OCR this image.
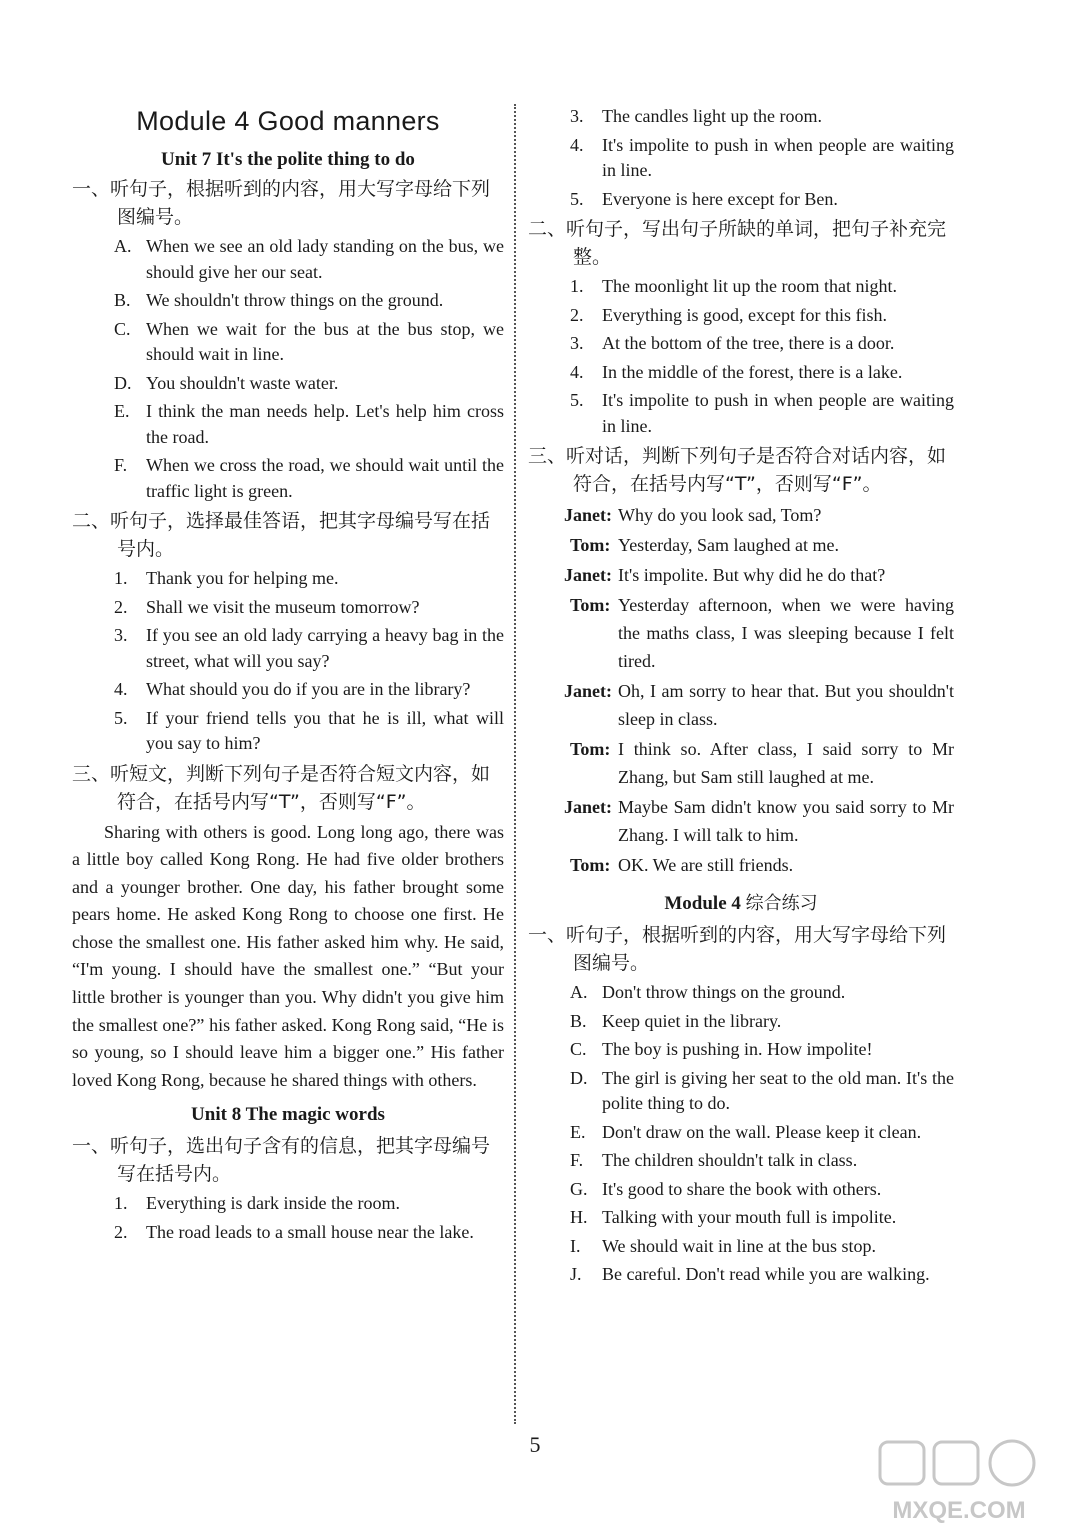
Module 4 Good manners
Unit 7 It's the polite thing to do
一、听句子，根据听到的内容，用大写字母给下列图编号。
A. When we see an old lady standing on the bus, we should give her our seat.
B. We shouldn't throw things on the ground.
C. When we wait for the bus at the bus stop, we should wait in line.
D. You shouldn't waste water.
E. I think the man needs help. Let's help him cross the road.
F. When we cross the road, we should wait until the traffic light is green.
二、听句子，选择最佳答语，把其字母编号写在括号内。
1. Thank you for helping me.
2. Shall we visit the museum tomorrow?
3. If you see an old lady carrying a heavy bag in the street, what will you say?
4. What should you do if you are in the library?
5. If your friend tells you that he is ill, what will you say to him?
三、听短文，判断下列句子是否符合短文内容，如符合，在括号内写“T”，否则写“F”。

Sharing with others is good. Long long ago, there was a little boy called Kong Rong. He had five older brothers and a younger brother. One day, his father brought some pears home. He asked Kong Rong to choose one first. He chose the smallest one. His father asked him why. He said, “I'm young. I should have the smallest one.” “But your little brother is younger than you. Why didn't you give him the smallest one?” his father asked. Kong Rong said, “He is so young, so I should leave him a bigger one.” His father loved Kong Rong, because he shared things with others.

Unit 8 The magic words
一、听句子，选出句子含有的信息，把其字母编号写在括号内。
1. Everything is dark inside the room.
2. The road leads to a small house near the lake.
3. The candles light up the room.
4. It's impolite to push in when people are waiting in line.
5. Everyone is here except for Ben.
二、听句子，写出句子所缺的单词，把句子补充完整。
1. The moonlight lit up the room that night.
2. Everything is good, except for this fish.
3. At the bottom of the tree, there is a door.
4. In the middle of the forest, there is a lake.
5. It's impolite to push in when people are waiting in line.
三、听对话，判断下列句子是否符合对话内容，如符合，在括号内写“T”，否则写“F”。
Janet: Why do you look sad, Tom?
Tom: Yesterday, Sam laughed at me.
Janet: It's impolite. But why did he do that?
Tom: Yesterday afternoon, when we were having the maths class, I was sleeping because I felt tired.
Janet: Oh, I am sorry to hear that. But you shouldn't sleep in class.
Tom: I think so. After class, I said sorry to Mr Zhang, but Sam still laughed at me.
Janet: Maybe Sam didn't know you said sorry to Mr Zhang. I will talk to him.
Tom: OK. We are still friends.
Module 4 综合练习
一、听句子，根据听到的内容，用大写字母给下列图编号。
A. Don't throw things on the ground.
B. Keep quiet in the library.
C. The boy is pushing in. How impolite!
D. The girl is giving her seat to the old man. It's the polite thing to do.
E. Don't draw on the wall. Please keep it clean.
F. The children shouldn't talk in class.
G. It's good to share the book with others.
H. Talking with your mouth full is impolite.
I. We should wait in line at the bus stop.
J. Be careful. Don't read while you are walking.
5
MXQE.COM
